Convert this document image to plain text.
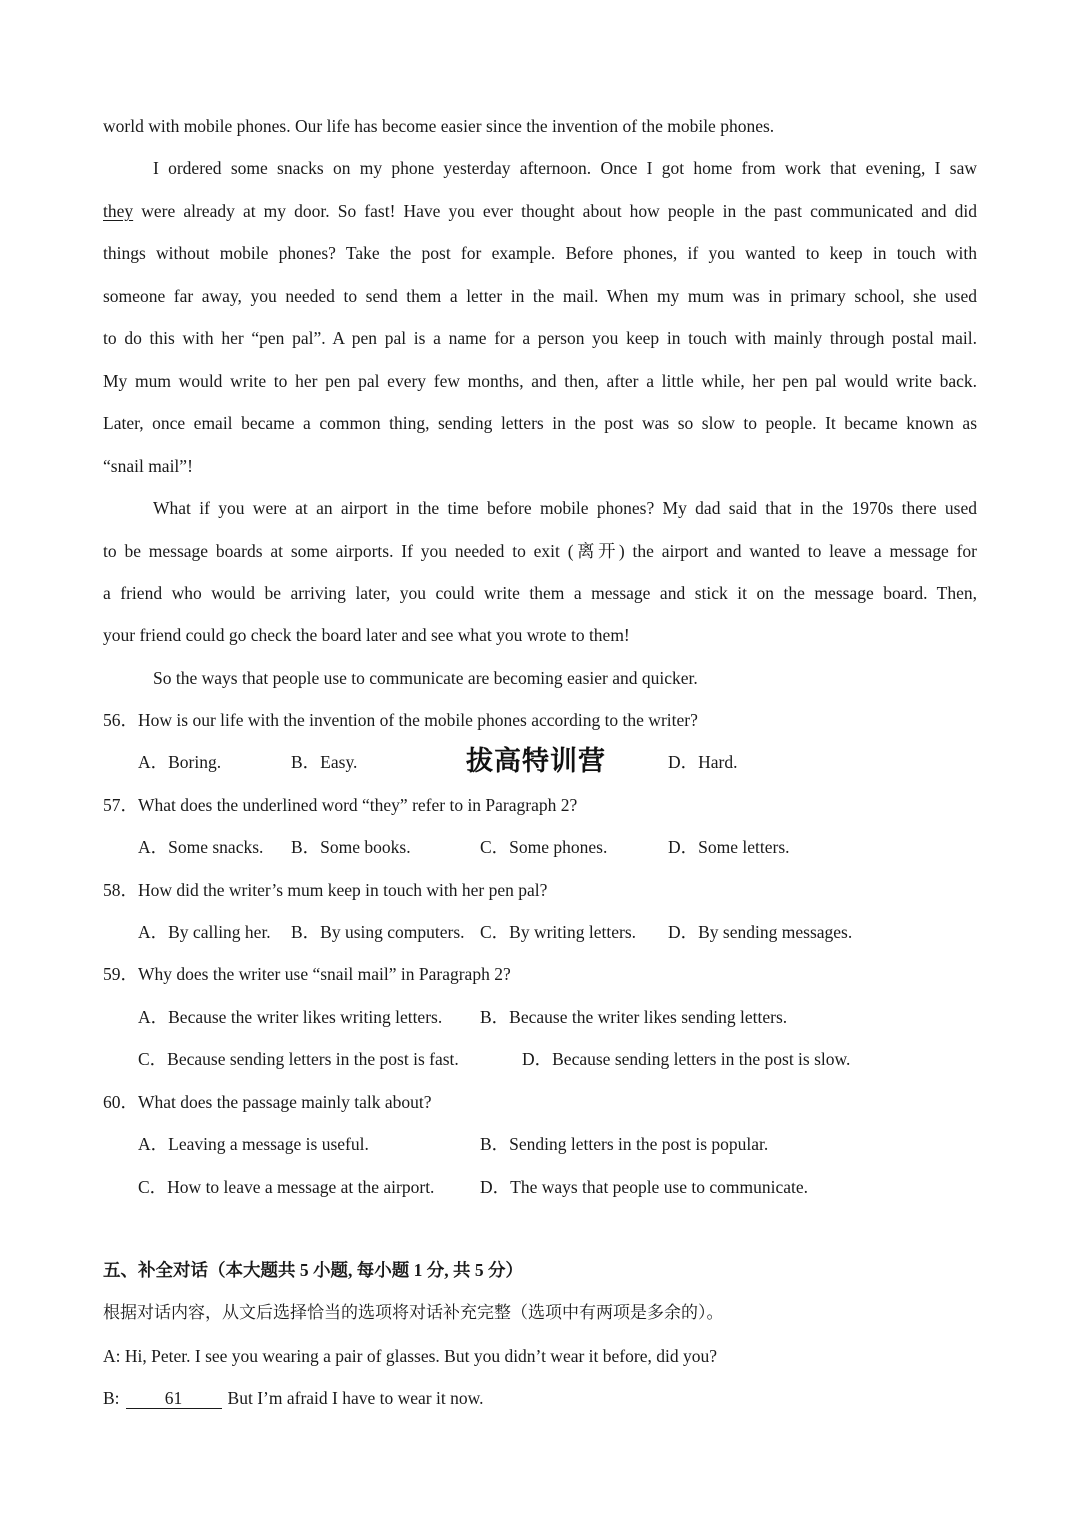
world with mobile phones. Our life has become easier since the invention of the mobile phones.
I ordered some snacks on my phone yesterday afternoon. Once I got home from work that evening, I saw
they were already at my door. So fast! Have you ever thought about how people in the past communicated and did
things without mobile phones? Take the post for example. Before phones, if you wanted to keep in touch with
someone far away, you needed to send them a letter in the mail. When my mum was in primary school, she used
to do this with her “pen pal”. A pen pal is a name for a person you keep in touch with mainly through postal mail.
My mum would write to her pen pal every few months, and then, after a little while, her pen pal would write back.
Later, once email became a common thing, sending letters in the post was so slow to people. It became known as
“snail mail”!
What if you were at an airport in the time before mobile phones? My dad said that in the 1970s there used
to be message boards at some airports. If you needed to exit (离开) the airport and wanted to leave a message for
a friend who would be arriving later, you could write them a message and stick it on the message board. Then,
your friend could go check the board later and see what you wrote to them!
So the ways that people use to communicate are becoming easier and quicker.
56．How is our life with the invention of the mobile phones according to the writer?
A．Boring.	B．Easy.	拔高特训营	D．Hard.
57．What does the underlined word “they” refer to in Paragraph 2?
A．Some snacks. B．Some books.	C．Some phones.	D．Some letters.
58．How did the writer’s mum keep in touch with her pen pal?
A．By calling her. B．By using computers. C．By writing letters. D．By sending messages.
59．Why does the writer use “snail mail” in Paragraph 2?
A．Because the writer likes writing letters. B．Because the writer likes sending letters.
C．Because sending letters in the post is fast.	D．Because sending letters in the post is slow.
60．What does the passage mainly talk about?
A．Leaving a message is useful.	B．Sending letters in the post is popular.
C．How to leave a message at the airport.	D．The ways that people use to communicate.
五、补全对话（本大题共 5 小题, 每小题 1 分, 共 5 分）
根据对话内容，从文后选择恰当的选项将对话补充完整（选项中有两项是多余的）。
A: Hi, Peter. I see you wearing a pair of glasses. But you didn’t wear it before, did you?
B:	61	But I’m afraid I have to wear it now.
